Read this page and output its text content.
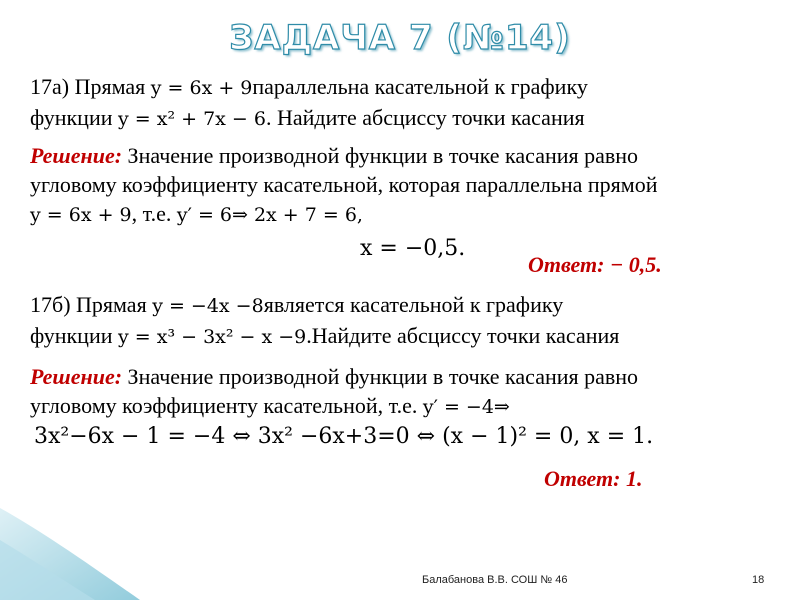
ЗАДАЧА 7 (№14)
17а) Прямая y = 6x + 9параллельна касательной к графику
функции y = x² + 7x − 6. Найдите абсциссу точки касания
Решение: Значение производной функции в точке касания равно
угловому коэффициенту касательной, которая параллельна прямой
y = 6x + 9, т.е. y′ = 6⇒ 2x + 7 = 6,
x = −0,5.
Ответ: − 0,5.
17б) Прямая y = −4x −8является касательной к графику
функции y = x³ − 3x² − x −9.Найдите абсциссу точки касания
Решение: Значение производной функции в точке касания равно
угловому коэффициенту касательной, т.е. y′ = −4⇒
3x²−6x − 1 = −4 ⇔ 3x² −6x+3=0 ⇔ (x − 1)² = 0, x = 1.
Ответ: 1.
Балабанова В.В. СОШ № 46	18
